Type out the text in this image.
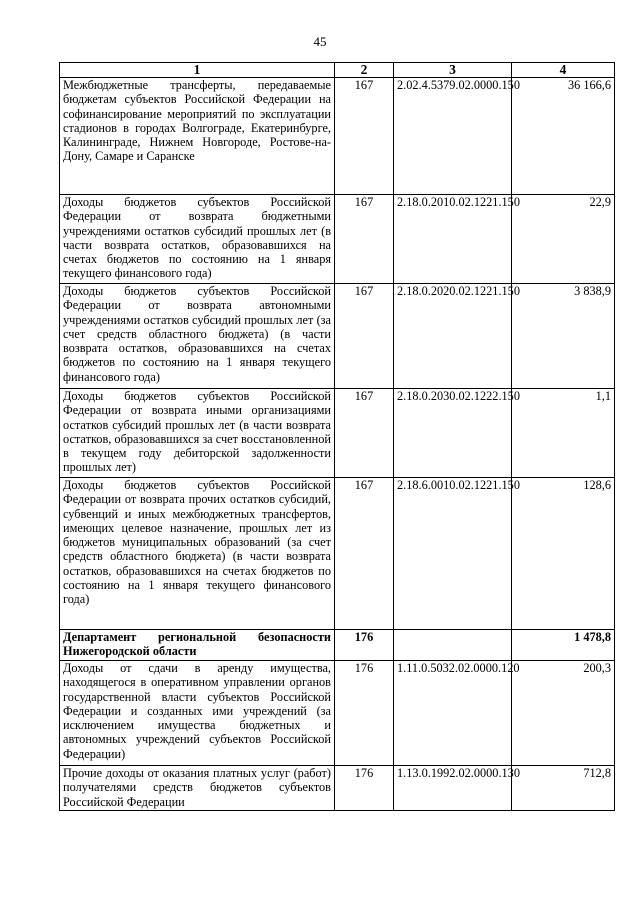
45
1	2	3	4
Межбюджетные трансферты, передаваемые бюджетам субъектов Российской Федерации на софинансирование мероприятий по эксплуатации стадионов в городах Волгограде, Екатеринбурге, Калининграде, Нижнем Новгороде, Ростове-на-Дону, Самаре и Саранске	167	2.02.4.5379.02.0000.150	36 166,6
Доходы бюджетов субъектов Российской Федерации от возврата бюджетными учреждениями остатков субсидий прошлых лет (в части возврата остатков, образовавшихся на счетах бюджетов по состоянию на 1 января текущего финансового года)	167	2.18.0.2010.02.1221.150	22,9
Доходы бюджетов субъектов Российской Федерации от возврата автономными учреждениями остатков субсидий прошлых лет (за счет средств областного бюджета) (в части возврата остатков, образовавшихся на счетах бюджетов по состоянию на 1 января текущего финансового года)	167	2.18.0.2020.02.1221.150	3 838,9
Доходы бюджетов субъектов Российской Федерации от возврата иными организациями остатков субсидий прошлых лет (в части возврата остатков, образовавшихся за счет восстановленной в текущем году дебиторской задолженности прошлых лет)	167	2.18.0.2030.02.1222.150	1,1
Доходы бюджетов субъектов Российской Федерации от возврата прочих остатков субсидий, субвенций и иных межбюджетных трансфертов, имеющих целевое назначение, прошлых лет из бюджетов муниципальных образований (за счет средств областного бюджета) (в части возврата остатков, образовавшихся на счетах бюджетов по состоянию на 1 января текущего финансового года)	167	2.18.6.0010.02.1221.150	128,6

Департамент региональной безопасности
Нижегородской области	176		1 478,8
Доходы от сдачи в аренду имущества, находящегося в оперативном управлении органов государственной власти субъектов Российской Федерации и созданных ими учреждений (за исключением имущества бюджетных и автономных учреждений субъектов Российской Федерации)	176	1.11.0.5032.02.0000.120	200,3
Прочие доходы от оказания платных услуг (работ) получателями средств бюджетов субъектов Российской Федерации	176	1.13.0.1992.02.0000.130	712,8
